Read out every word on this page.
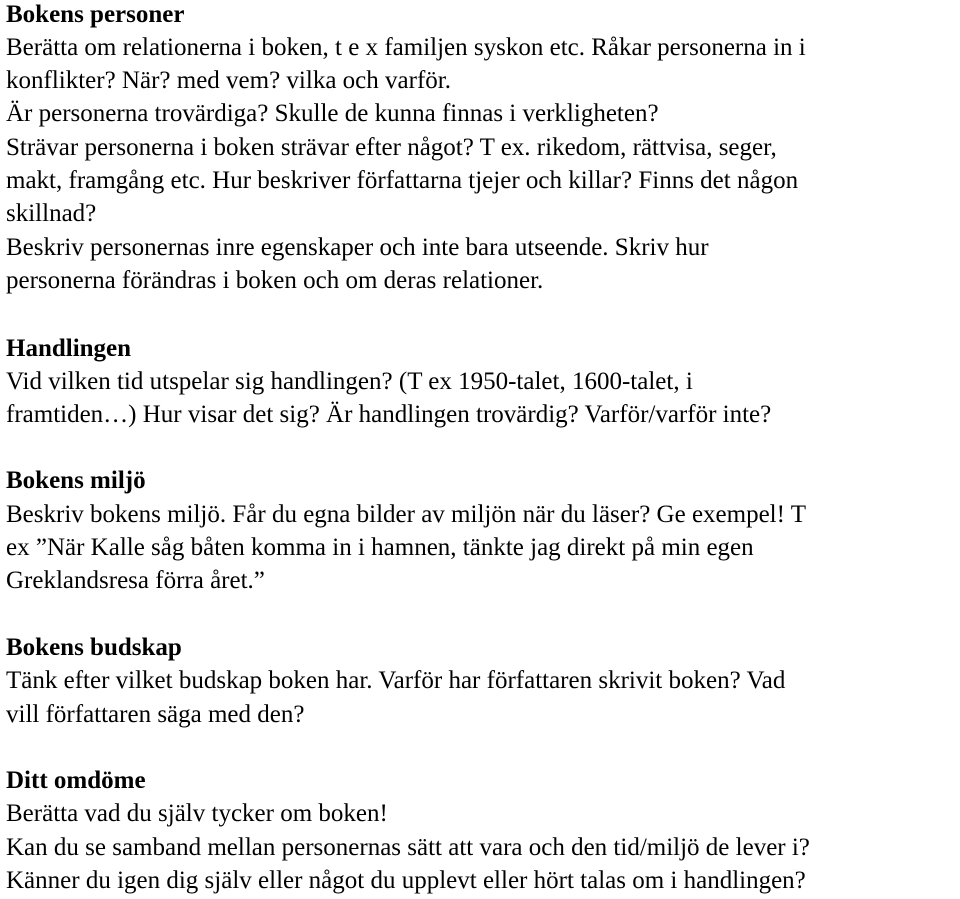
Bokens personer
Berätta om relationerna i boken, t e x familjen syskon etc. Råkar personerna in i
konflikter? När? med vem? vilka och varför.
Är personerna trovärdiga? Skulle de kunna finnas i verkligheten?
Strävar personerna i boken strävar efter något? T ex. rikedom, rättvisa, seger,
makt, framgång etc. Hur beskriver författarna tjejer och killar? Finns det någon
skillnad?
Beskriv personernas inre egenskaper och inte bara utseende. Skriv hur
personerna förändras i boken och om deras relationer.
Handlingen
Vid vilken tid utspelar sig handlingen? (T ex 1950-talet, 1600-talet, i
framtiden…) Hur visar det sig? Är handlingen trovärdig? Varför/varför inte?
Bokens miljö
Beskriv bokens miljö. Får du egna bilder av miljön när du läser? Ge exempel! T
ex ”När Kalle såg båten komma in i hamnen, tänkte jag direkt på min egen
Greklandsresa förra året.”
Bokens budskap
Tänk efter vilket budskap boken har. Varför har författaren skrivit boken? Vad
vill författaren säga med den?
Ditt omdöme
Berätta vad du själv tycker om boken!
Kan du se samband mellan personernas sätt att vara och den tid/miljö de lever i?
Känner du igen dig själv eller något du upplevt eller hört talas om i handlingen?
